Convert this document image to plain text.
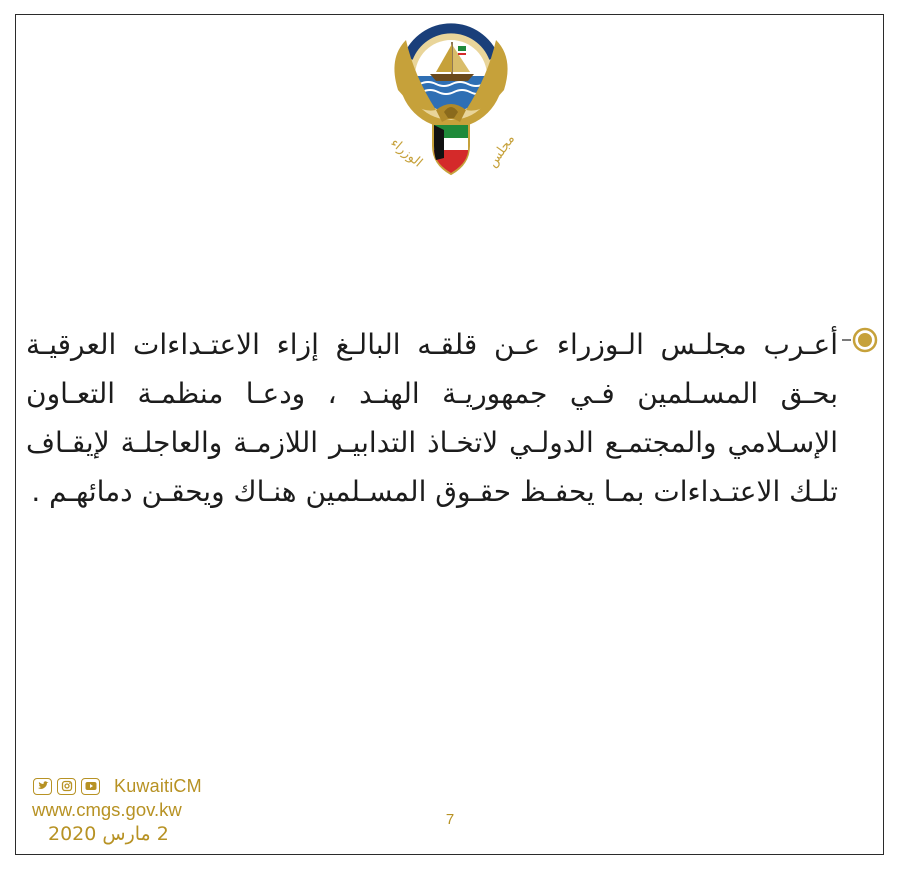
الوزراء	مجلس
أعـرب مجلـس الـوزراء عـن قلقـه البالـغ إزاء الاعتـداءات العرقيـة بحـق المسـلمين فـي جمهوريـة الهنـد ، ودعـا منظمـة التعـاون الإسـلامي والمجتمـع الدولـي لاتخـاذ التدابيـر اللازمـة والعاجلـة لإيقـاف تلـك الاعتـداءات بمـا يحفـظ حقـوق المسـلمين هنـاك ويحقـن دمائهـم .
KuwaitiCM
www.cmgs.gov.kw
2 مارس 2020
7
